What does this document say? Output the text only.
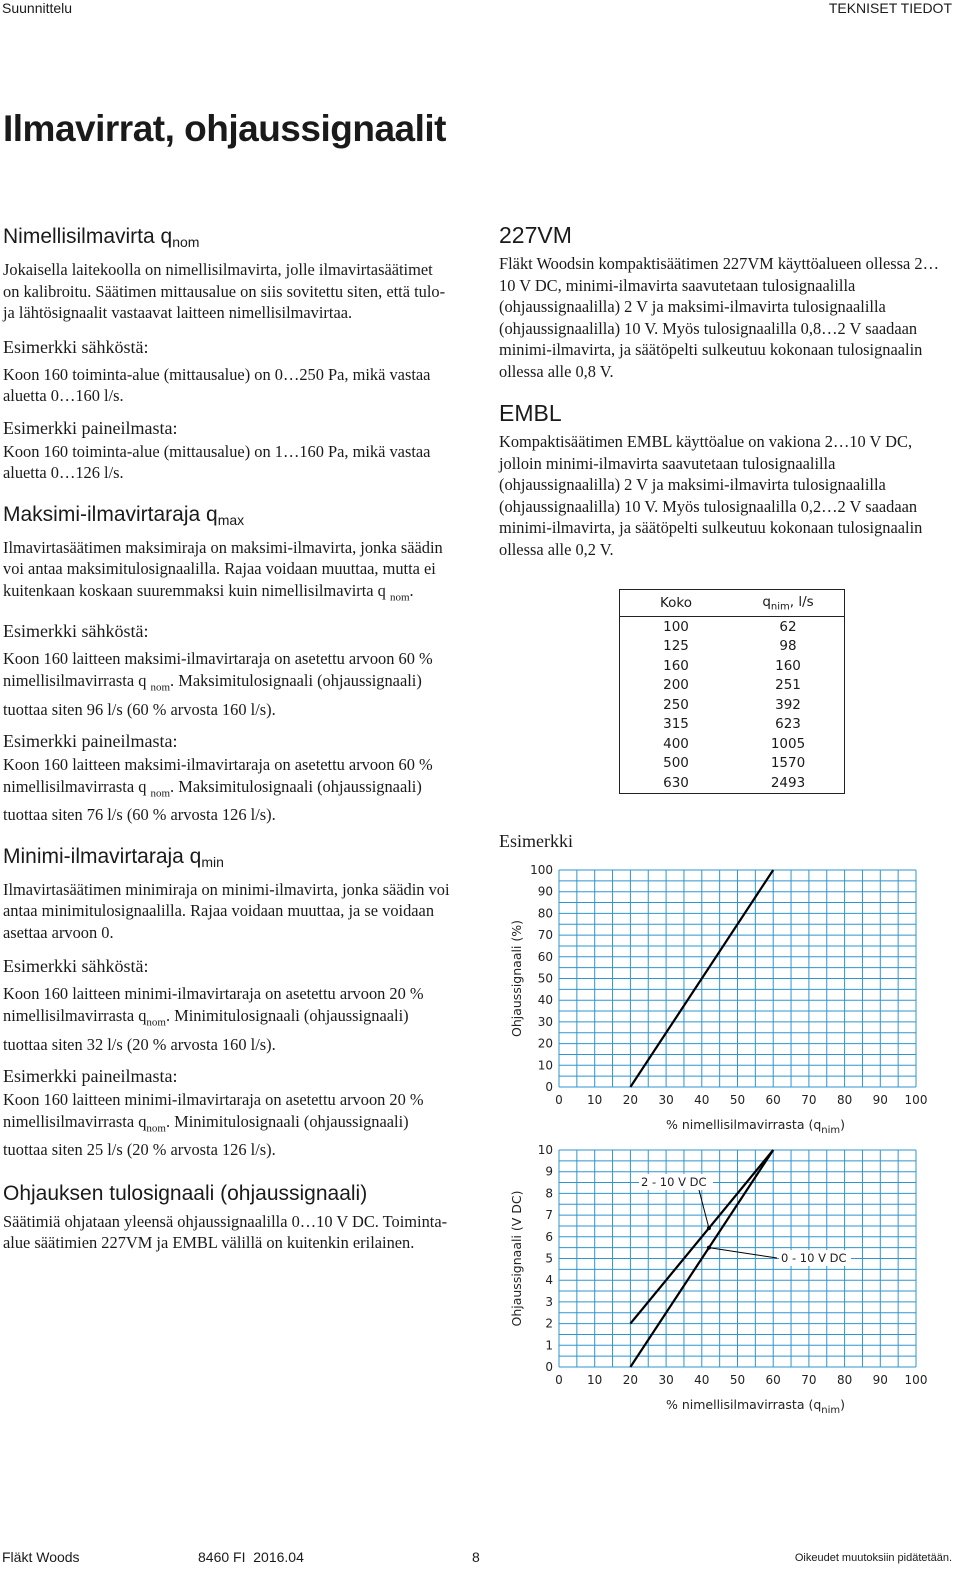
Suunnittelu	TEKNISET TIEDOT
Ilmavirrat, ohjaussignaalit
Nimellisilmavirta $q_{nom}$

Jokaisella laitekoolla on nimellisilmavirta, jolle ilmavirtasäätimet on kalibroitu. Säätimen mittausalue on siis sovitettu siten, että tulo- ja lähtösignaalit vastaavat laitteen nimellisilmavirtaa.

Esimerkki sähköstä:

Koon 160 toiminta-alue (mittausalue) on 0…250 Pa, mikä vastaa aluetta 0…160 l/s.

Esimerkki paineilmasta:

Koon 160 toiminta-alue (mittausalue) on 1…160 Pa, mikä vastaa aluetta 0…126 l/s.

Maksimi-ilmavirtaraja $q_{max}$

Ilmavirtasäätimen maksimiraja on maksimi-ilmavirta, jonka säädin voi antaa maksimitulosignaalilla. Rajaa voidaan muuttaa, mutta ei kuitenkaan koskaan suuremmaksi kuin nimellisilmavirta q $_{nom}$.

Esimerkki sähköstä:

Koon 160 laitteen maksimi-ilmavirtaraja on asetettu arvoon 60 % nimellisilmavirrasta q $_{nom}$. Maksimitulosignaali (ohjaussignaali) tuottaa siten 96 l/s (60 % arvosta 160 l/s).

Esimerkki paineilmasta:

Koon 160 laitteen maksimi-ilmavirtaraja on asetettu arvoon 60 % nimellisilmavirrasta q $_{nom}$. Maksimitulosignaali (ohjaussignaali) tuottaa siten 76 l/s (60 % arvosta 126 l/s).

Minimi-ilmavirtaraja $q_{min}$

Ilmavirtasäätimen minimiraja on minimi-ilmavirta, jonka säädin voi antaa minimitulosignaalilla. Rajaa voidaan muuttaa, ja se voidaan asettaa arvoon 0.

Esimerkki sähköstä:

Koon 160 laitteen minimi-ilmavirtaraja on asetettu arvoon 20 % nimellisilmavirrasta $q_{nom}$. Minimitulosignaali (ohjaussignaali) tuottaa siten 32 l/s (20 % arvosta 160 l/s).

Esimerkki paineilmasta:

Koon 160 laitteen minimi-ilmavirtaraja on asetettu arvoon 20 % nimellisilmavirrasta $q_{nom}$. Minimitulosignaali (ohjaussignaali) tuottaa siten 25 l/s (20 % arvosta 126 l/s).

Ohjauksen tulosignaali (ohjaussignaali)

Säätimiä ohjataan yleensä ohjaussignaalilla 0…10 V DC. Toiminta-alue säätimien 227VM ja EMBL välillä on kuitenkin erilainen.

227VM

Fläkt Woodsin kompaktisäätimen 227VM käyttöalueen ollessa 2…10 V DC, minimi-ilmavirta saavutetaan tulosignaalilla (ohjaussignaalilla) 2 V ja maksimi-ilmavirta tulosignaalilla (ohjaussignaalilla) 10 V. Myös tulosignaalilla 0,8…2 V saadaan minimi-ilmavirta, ja säätöpelti sulkeutuu kokonaan tulosignaalin ollessa alle 0,8 V.

EMBL

Kompaktisäätimen EMBL käyttöalue on vakiona 2…10 V DC, jolloin minimi-ilmavirta saavutetaan tulosignaalilla (ohjaussignaalilla) 2 V ja maksimi-ilmavirta tulosignaalilla (ohjaussignaalilla) 10 V. Myös tulosignaalilla 0,2…2 V saadaan minimi-ilmavirta, ja säätöpelti sulkeutuu kokonaan tulosignaalin ollessa alle 0,2 V.

Koko	$q_{nim}$, l/s
100	62
125	98
160	160
200	251
250	392
315	623
400	1005
500	1570
630	2493
Esimerkki
0
10
20
30
40
50
60
70
80
90
100
0 10 20 30 40 50 60 70 80 90 100
Ohjaussignaali (%)
% nimellisilmavirrasta $(q_{nim})$
0
1
2
3
4
5
6
7
8
9
10
0 10 20 30 40 50 60 70 80 90 100
Ohjaussignaali (V DC)
% nimellisilmavirrasta $(q_{nim})$
2 - 10 V DC
0 - 10 V DC
Fläkt Woods	8460 FI  2016.04	8	Oikeudet muutoksiin pidätetään.
